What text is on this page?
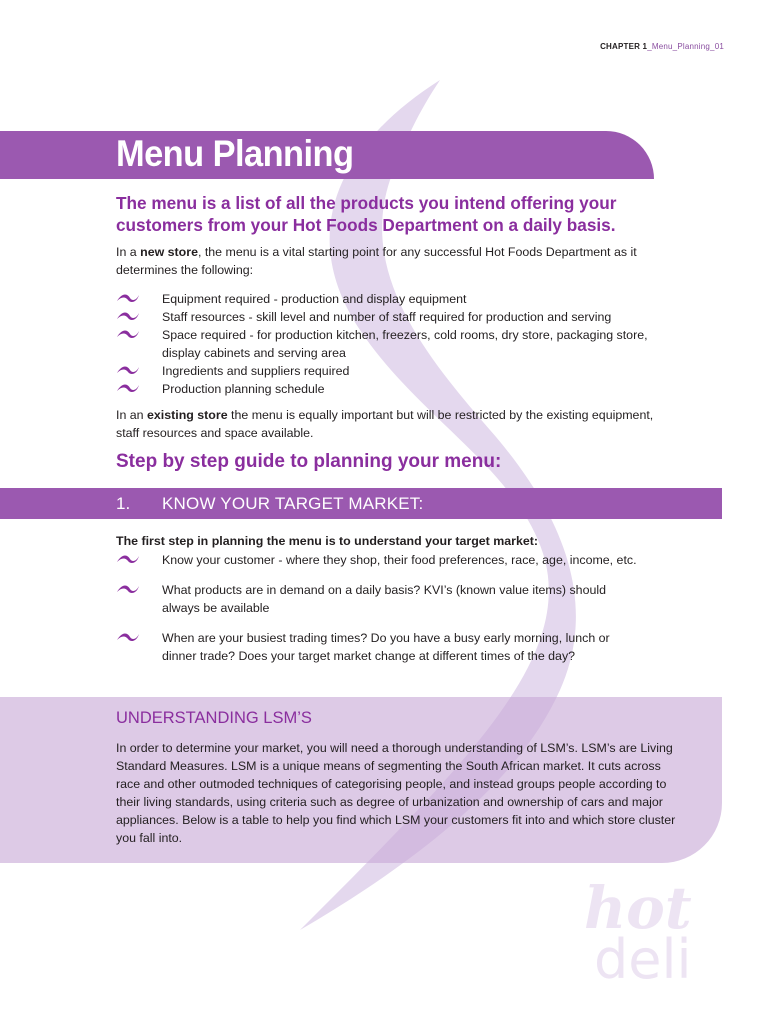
CHAPTER 1_Menu_Planning_01
Menu Planning
The menu is a list of all the products you intend offering your customers from your Hot Foods Department on a daily basis.
In a new store, the menu is a vital starting point for any successful Hot Foods Department as it determines the following:
Equipment required - production and display equipment
Staff resources - skill level and number of staff required for production and serving
Space required - for production kitchen, freezers, cold rooms, dry store, packaging store, display cabinets and serving area
Ingredients and suppliers required
Production planning schedule
In an existing store the menu is equally important but will be restricted by the existing equipment, staff resources and space available.
Step by step guide to planning your menu:
1. KNOW YOUR TARGET MARKET:
The first step in planning the menu is to understand your target market:
Know your customer - where they shop, their food preferences, race, age, income, etc.
What products are in demand on a daily basis? KVI’s (known value items) should always be available
When are your busiest trading times? Do you have a busy early morning, lunch or dinner trade? Does your target market change at different times of the day?
UNDERSTANDING LSM’S
In order to determine your market, you will need a thorough understanding of LSM’s. LSM’s are Living Standard Measures. LSM is a unique means of segmenting the South African market. It cuts across race and other outmoded techniques of categorising people, and instead groups people according to their living standards, using criteria such as degree of urbanization and ownership of cars and major appliances. Below is a table to help you find which LSM your customers fit into and which store cluster you fall into.
hot
deli
